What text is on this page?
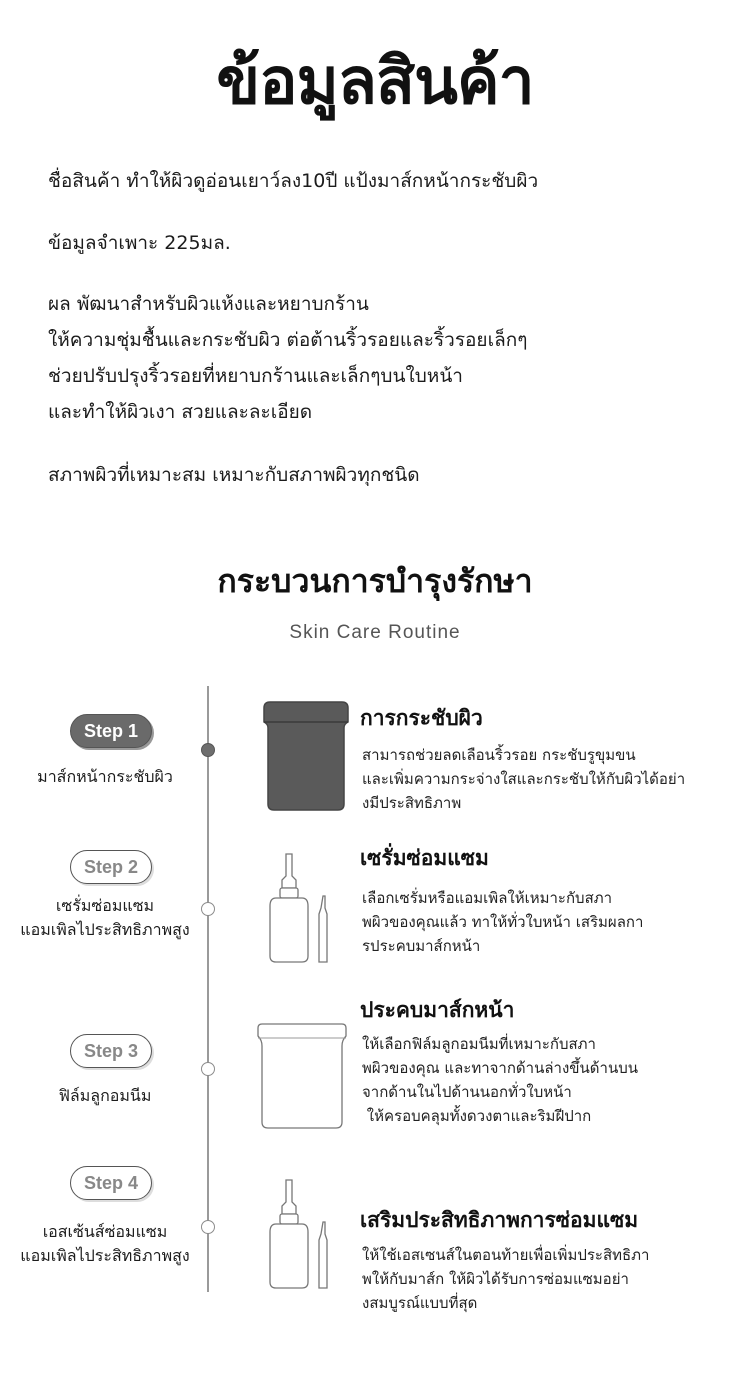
ข้อมูลสินค้า
ชื่อสินค้า ทำให้ผิวดูอ่อนเยาว์ลง10ปี แป้งมาส์กหน้ากระชับผิว
ข้อมูลจำเพาะ 225มล.
ผล พัฒนาสำหรับผิวแห้งและหยาบกร้าน
ให้ความชุ่มชื้นและกระชับผิว ต่อต้านริ้วรอยและริ้วรอยเล็กๆ
ช่วยปรับปรุงริ้วรอยที่หยาบกร้านและเล็กๆบนใบหน้า
และทำให้ผิวเงา สวยและละเอียด
สภาพผิวที่เหมาะสม เหมาะกับสภาพผิวทุกชนิด
กระบวนการบำรุงรักษา
Skin Care Routine
Step 1
มาส์กหน้ากระชับผิว
การกระชับผิว
สามารถช่วยลดเลือนริ้วรอย กระชับรูขุมขน
และเพิ่มความกระจ่างใสและกระชับให้กับผิวได้อย่า
งมีประสิทธิภาพ
Step 2
เซรั่มซ่อมแซม
แอมเพิลไประสิทธิภาพสูง
เซรั่มซ่อมแซม
เลือกเซรั่มหรือแอมเพิลให้เหมาะกับสภา
พผิวของคุณแล้ว ทาให้ทั่วใบหน้า เสริมผลกา
รประคบมาส์กหน้า
Step 3
ฟิล์มลูกอมนีม
ประคบมาส์กหน้า
ให้เลือกฟิล์มลูกอมนีมที่เหมาะกับสภา
พผิวของคุณ และทาจากด้านล่างขึ้นด้านบน
จากด้านในไปด้านนอกทั่วใบหน้า
ให้ครอบคลุมทั้งดวงตาและริมฝีปาก
Step 4
เอสเซ้นส์ซ่อมแซม
แอมเพิลไประสิทธิภาพสูง
เสริมประสิทธิภาพการซ่อมแซม
ให้ใช้เอสเซนส์ในตอนท้ายเพื่อเพิ่มประสิทธิภา
พให้กับมาส์ก ให้ผิวได้รับการซ่อมแซมอย่า
งสมบูรณ์แบบที่สุด
